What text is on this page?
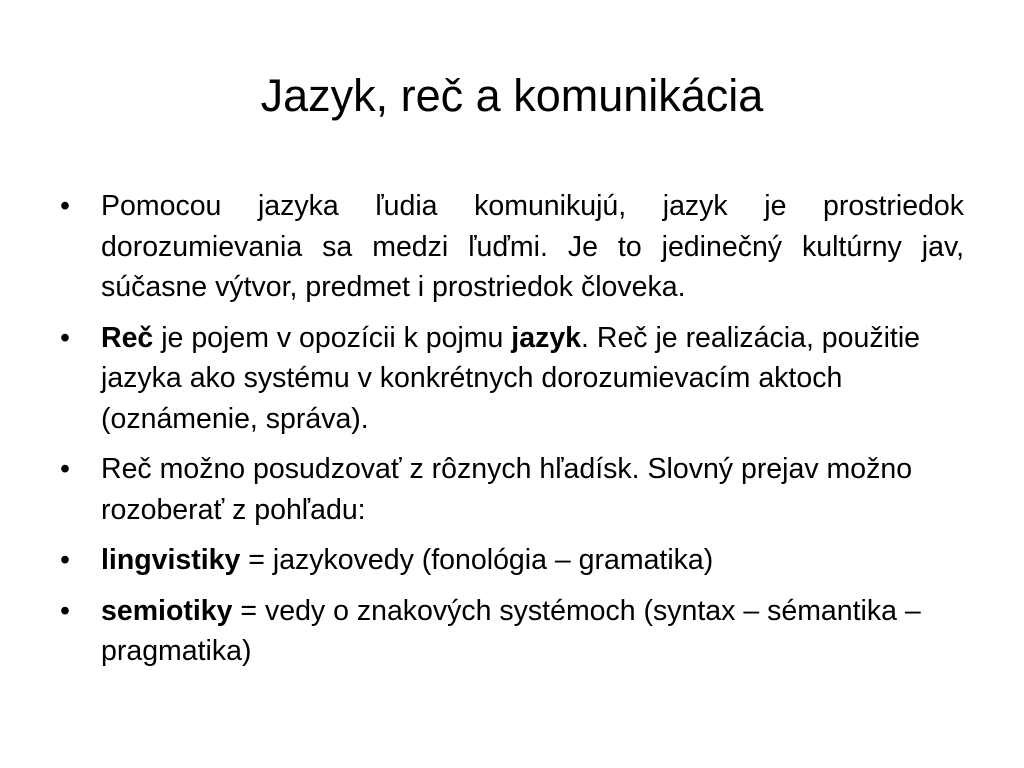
Jazyk, reč a komunikácia
•	Pomocou jazyka ľudia komunikujú, jazyk je prostriedok dorozumievania sa medzi ľuďmi. Je to jedinečný kultúrny jav, súčasne výtvor, predmet i prostriedok človeka.
•	Reč je pojem v opozícii k pojmu jazyk. Reč je realizácia, použitie jazyka ako systému v konkrétnych dorozumievacím aktoch (oznámenie, správa).
•	Reč možno posudzovať z rôznych hľadísk. Slovný prejav možno rozoberať z pohľadu:
•	lingvistiky = jazykovedy (fonológia – gramatika)
•	semiotiky = vedy o znakových systémoch (syntax – sémantika – pragmatika)
